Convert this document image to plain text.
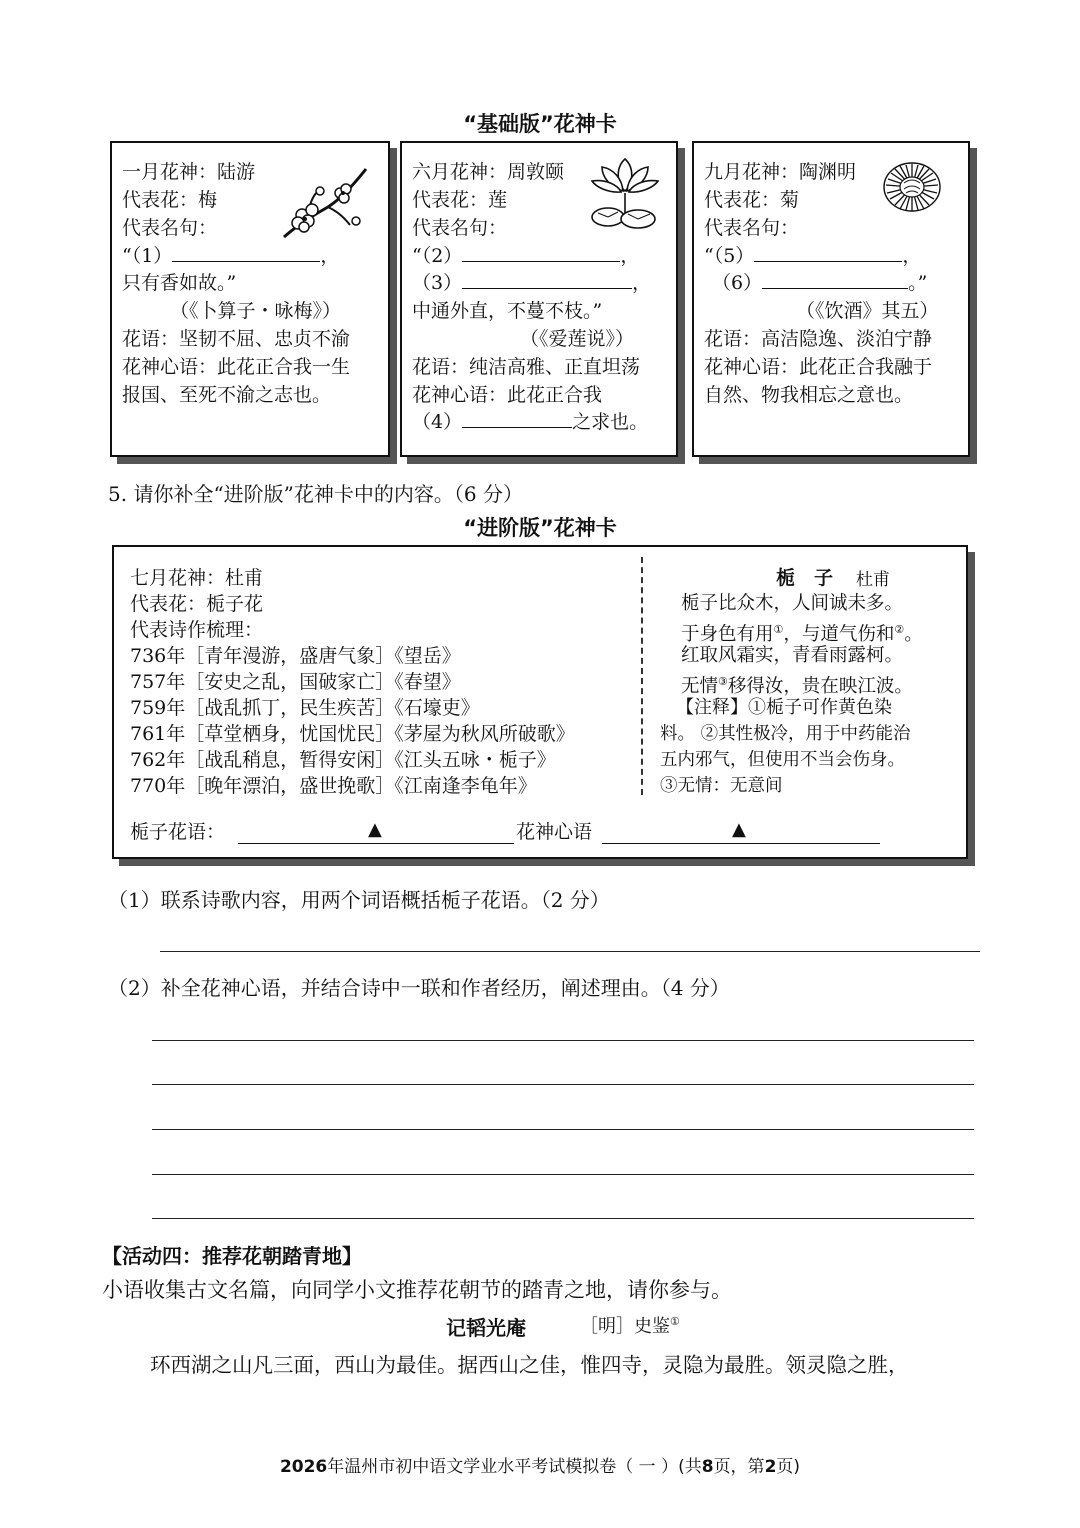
“基础版”花神卡
一月花神：陆游
代表花：梅
代表名句：
“（1）	，
只有香如故。”
（《卜算子・咏梅》）
花语：坚韧不屈、忠贞不渝
花神心语：此花正合我一生
报国、至死不渝之志也。
六月花神：周敦颐
代表花：莲
代表名句：
“（2）	，
（3）	，
中通外直，不蔓不枝。”
（《爱莲说》）
花语：纯洁高雅、正直坦荡
花神心语：此花正合我
（4）	之求也。
九月花神：陶渊明
代表花：菊
代表名句：
“（5）	，
（6）	。”
（《饮酒》其五）
花语：高洁隐逸、淡泊宁静
花神心语：此花正合我融于
自然、物我相忘之意也。
5. 请你补全“进阶版”花神卡中的内容。（6 分）
“进阶版”花神卡
七月花神：杜甫
代表花：栀子花
代表诗作梳理：
736年［青年漫游，盛唐气象］《望岳》
757年［安史之乱，国破家亡］《春望》
759年［战乱抓丁，民生疾苦］《石壕吏》
761年［草堂栖身，忧国忧民］《茅屋为秋风所破歌》
762年［战乱稍息，暂得安闲］《江头五咏・栀子》
770年［晚年漂泊，盛世挽歌］《江南逢李龟年》
栀　子 杜甫
栀子比众木，人间诚未多。
于身色有用①，与道气伤和②。
红取风霜实，青看雨露柯。
无情③移得汝，贵在映江波。
【注释】①栀子可作黄色染
料。 ②其性极冷，用于中药能治
五内邪气，但使用不当会伤身。
③无情：无意间
栀子花语：	▲	花神心语	▲
（1）联系诗歌内容，用两个词语概括栀子花语。（2 分）
（2）补全花神心语，并结合诗中一联和作者经历，阐述理由。（4 分）
【活动四：推荐花朝踏青地】
小语收集古文名篇，向同学小文推荐花朝节的踏青之地，请你参与。
记韬光庵	［明］史鉴①
环西湖之山凡三面，西山为最佳。据西山之佳，惟四寺，灵隐为最胜。领灵隐之胜，
2026年温州市初中语文学业水平考试模拟卷（ 一 ）(共8页，第2页)
